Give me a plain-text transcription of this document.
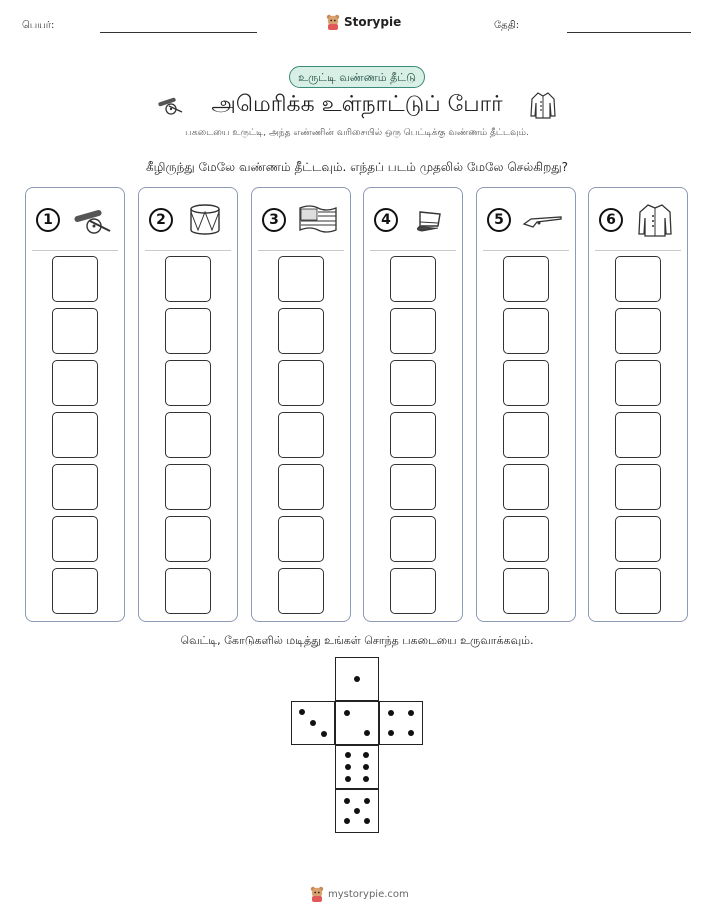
பெயர்:	Storypie	தேதி:
உருட்டி வண்ணம் தீட்டு
அமெரிக்க உள்நாட்டுப் போர்
பகடையை உருட்டி, அந்த எண்ணின் வரிசையில் ஒரு பெட்டிக்கு வண்ணம் தீட்டவும்.
கீழிருந்து மேலே வண்ணம் தீட்டவும். எந்தப் படம் முதலில் மேலே செல்கிறது?
1	2	3	4	5	6
வெட்டி, கோடுகளில் மடித்து உங்கள் சொந்த பகடையை உருவாக்கவும்.
mystorypie.com
